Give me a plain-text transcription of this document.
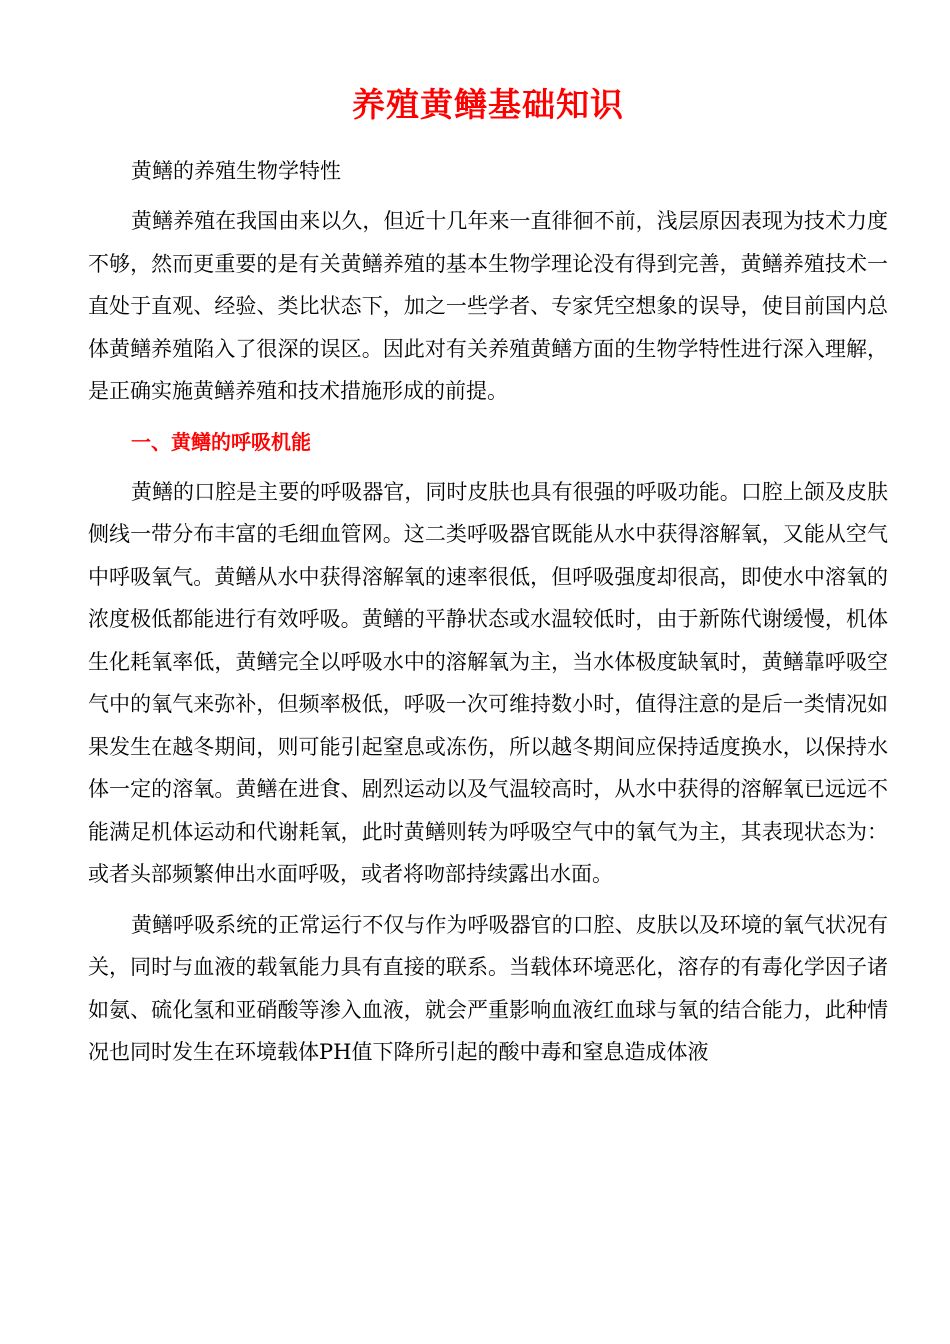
养殖黄鳝基础知识

黄鳝的养殖生物学特性

黄鳝养殖在我国由来以久，但近十几年来一直徘徊不前，浅层原因表现为技术力度不够，然而更重要的是有关黄鳝养殖的基本生物学理论没有得到完善，黄鳝养殖技术一直处于直观、经验、类比状态下，加之一些学者、专家凭空想象的误导，使目前国内总体黄鳝养殖陷入了很深的误区。因此对有关养殖黄鳝方面的生物学特性进行深入理解，是正确实施黄鳝养殖和技术措施形成的前提。

一、黄鳝的呼吸机能

黄鳝的口腔是主要的呼吸器官，同时皮肤也具有很强的呼吸功能。口腔上颌及皮肤侧线一带分布丰富的毛细血管网。这二类呼吸器官既能从水中获得溶解氧，又能从空气中呼吸氧气。黄鳝从水中获得溶解氧的速率很低，但呼吸强度却很高，即使水中溶氧的浓度极低都能进行有效呼吸。黄鳝的平静状态或水温较低时，由于新陈代谢缓慢，机体生化耗氧率低，黄鳝完全以呼吸水中的溶解氧为主，当水体极度缺氧时，黄鳝靠呼吸空气中的氧气来弥补，但频率极低，呼吸一次可维持数小时，值得注意的是后一类情况如果发生在越冬期间，则可能引起窒息或冻伤，所以越冬期间应保持适度换水，以保持水体一定的溶氧。黄鳝在进食、剧烈运动以及气温较高时，从水中获得的溶解氧已远远不能满足机体运动和代谢耗氧，此时黄鳝则转为呼吸空气中的氧气为主，其表现状态为：或者头部频繁伸出水面呼吸，或者将吻部持续露出水面。

黄鳝呼吸系统的正常运行不仅与作为呼吸器官的口腔、皮肤以及环境的氧气状况有关，同时与血液的载氧能力具有直接的联系。当载体环境恶化，溶存的有毒化学因子诸如氨、硫化氢和亚硝酸等渗入血液，就会严重影响血液红血球与氧的结合能力，此种情况也同时发生在环境载体PH值下降所引起的酸中毒和窒息造成体液
